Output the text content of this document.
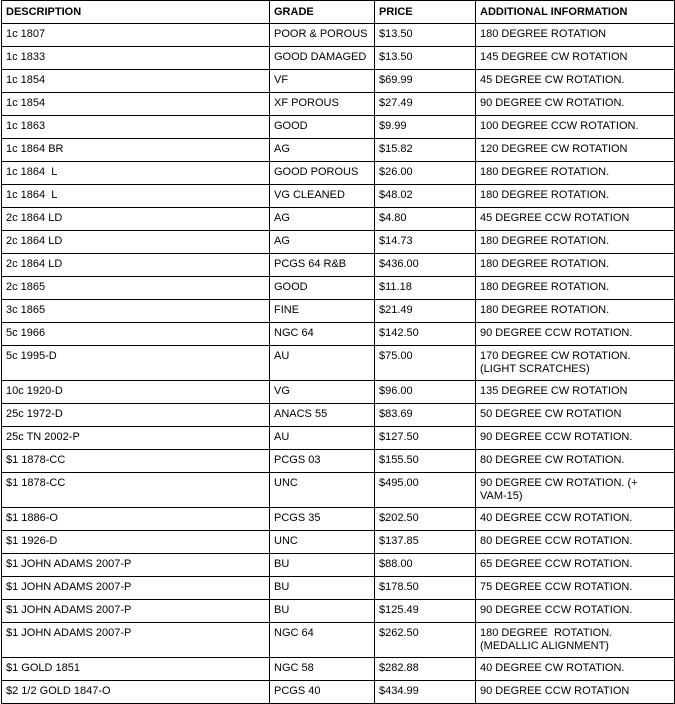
DESCRIPTION	GRADE	PRICE	ADDITIONAL INFORMATION
1c 1807	POOR & POROUS	$13.50	180 DEGREE ROTATION
1c 1833	GOOD DAMAGED	$13.50	145 DEGREE CW ROTATION
1c 1854	VF	$69.99	45 DEGREE CW ROTATION.
1c 1854	XF POROUS	$27.49	90 DEGREE CW ROTATION.
1c 1863	GOOD	$9.99	100 DEGREE CCW ROTATION.
1c 1864 BR	AG	$15.82	120 DEGREE CW ROTATION
1c 1864  L	GOOD POROUS	$26.00	180 DEGREE ROTATION.
1c 1864  L	VG CLEANED	$48.02	180 DEGREE ROTATION.
2c 1864 LD	AG	$4.80	45 DEGREE CCW ROTATION
2c 1864 LD	AG	$14.73	180 DEGREE ROTATION.
2c 1864 LD	PCGS 64 R&B	$436.00	180 DEGREE ROTATION.
2c 1865	GOOD	$11.18	180 DEGREE ROTATION.
3c 1865	FINE	$21.49	180 DEGREE ROTATION.
5c 1966	NGC 64	$142.50	90 DEGREE CCW ROTATION.
5c 1995-D	AU	$75.00	170 DEGREE CW ROTATION.
(LIGHT SCRATCHES)
10c 1920-D	VG	$96.00	135 DEGREE CW ROTATION
25c 1972-D	ANACS 55	$83.69	50 DEGREE CW ROTATION
25c TN 2002-P	AU	$127.50	90 DEGREE CCW ROTATION.
$1 1878-CC	PCGS 03	$155.50	80 DEGREE CW ROTATION.
$1 1878-CC	UNC	$495.00	90 DEGREE CW ROTATION. (+
VAM-15)
$1 1886-O	PCGS 35	$202.50	40 DEGREE CCW ROTATION.
$1 1926-D	UNC	$137.85	80 DEGREE CCW ROTATION.
$1 JOHN ADAMS 2007-P	BU	$88.00	65 DEGREE CCW ROTATION.
$1 JOHN ADAMS 2007-P	BU	$178.50	75 DEGREE CCW ROTATION.
$1 JOHN ADAMS 2007-P	BU	$125.49	90 DEGREE CCW ROTATION.
$1 JOHN ADAMS 2007-P	NGC 64	$262.50	180 DEGREE  ROTATION.
(MEDALLIC ALIGNMENT)
$1 GOLD 1851	NGC 58	$282.88	40 DEGREE CW ROTATION.
$2 1/2 GOLD 1847-O	PCGS 40	$434.99	90 DEGREE CCW ROTATION
